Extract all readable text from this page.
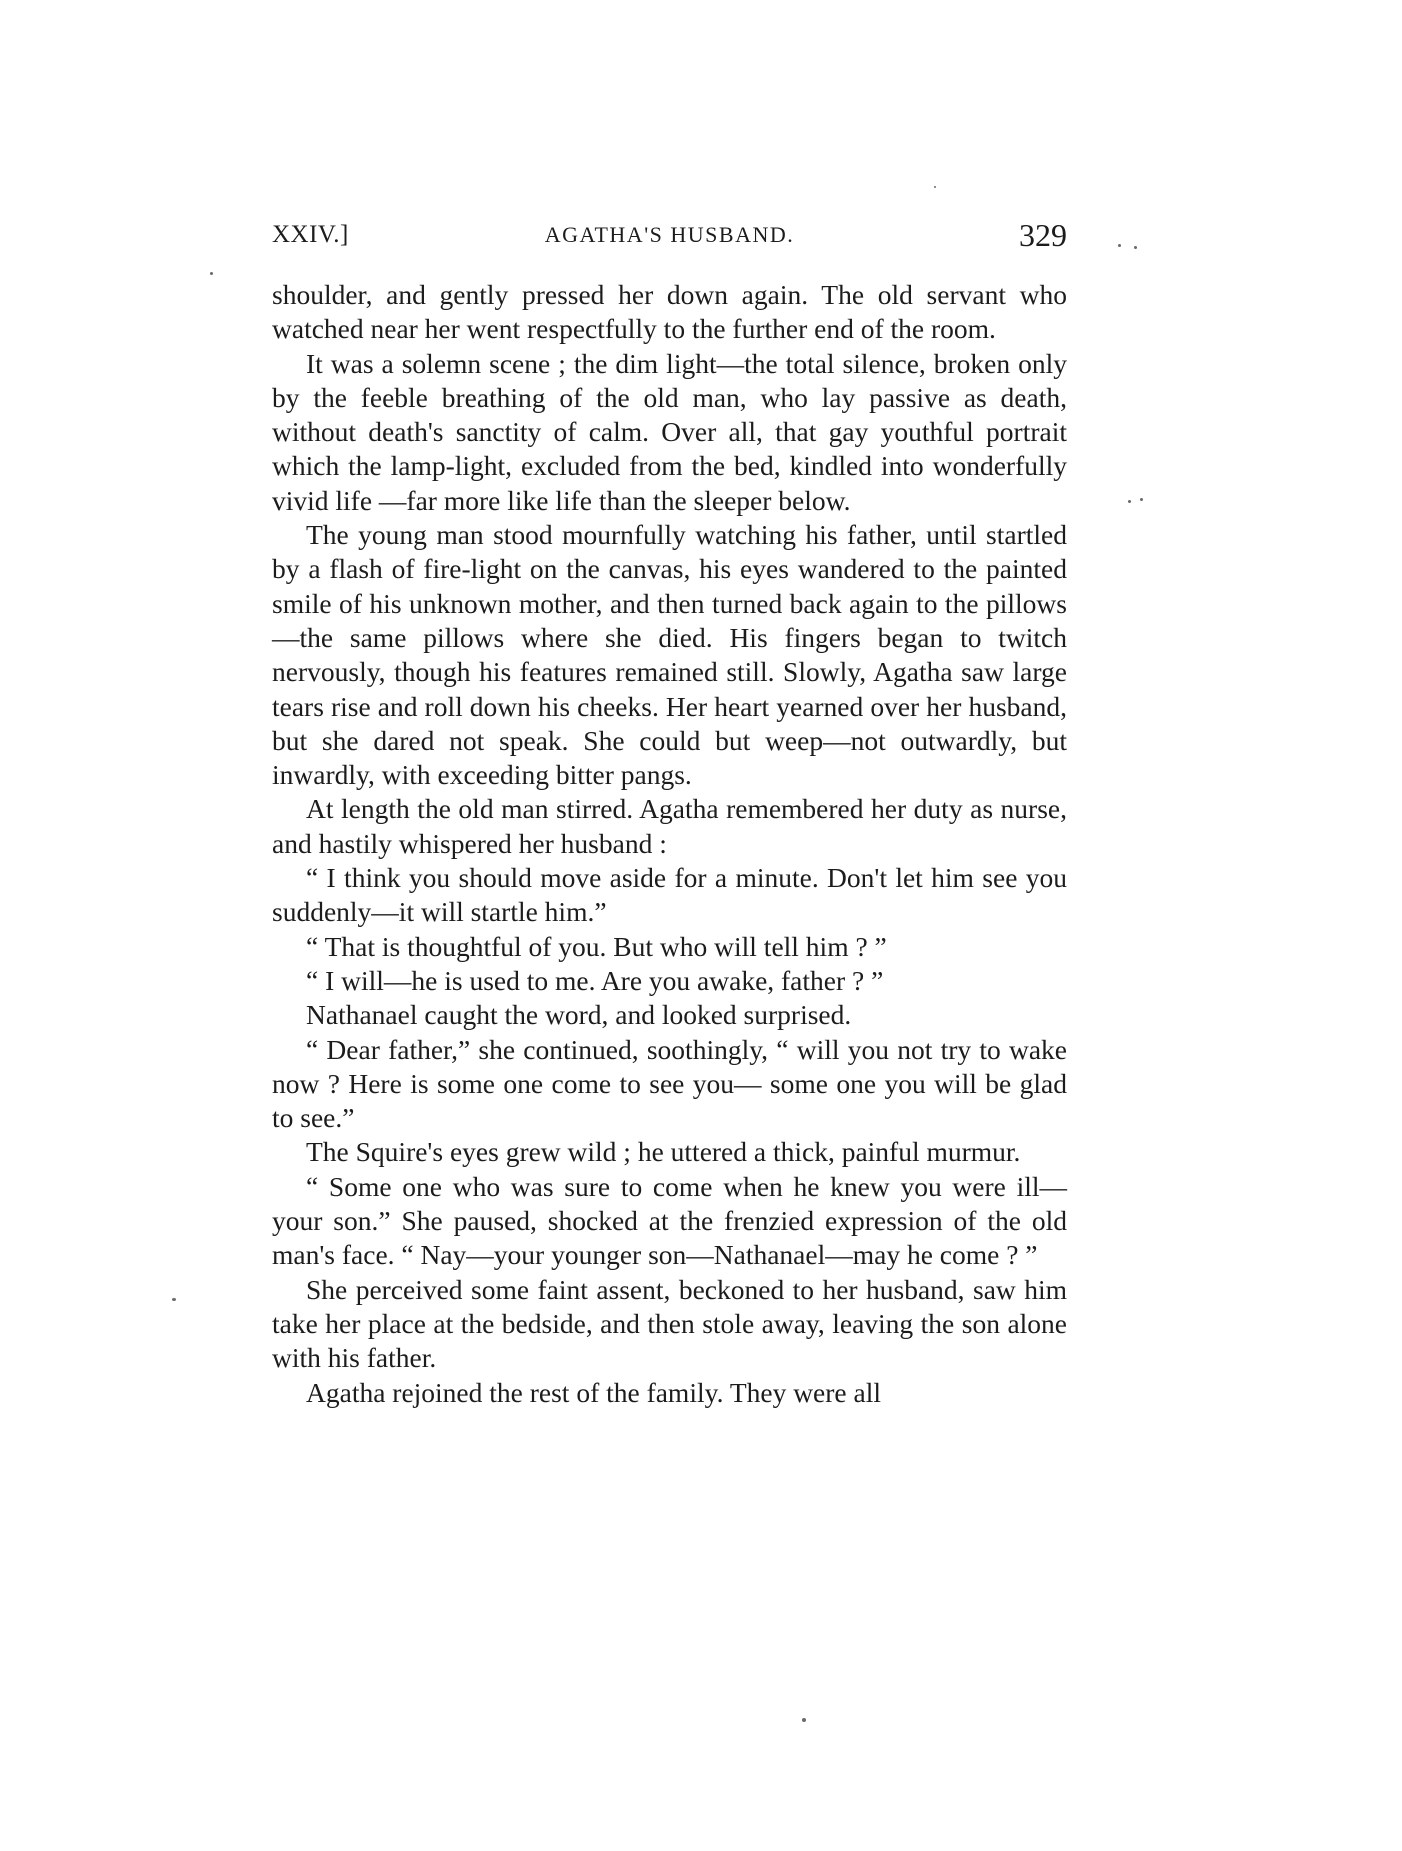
XXIV.]	AGATHA'S HUSBAND.	329

shoulder, and gently pressed her down again. The old servant who watched near her went respectfully to the further end of the room.

It was a solemn scene ; the dim light—the total silence, broken only by the feeble breathing of the old man, who lay passive as death, without death's sanctity of calm. Over all, that gay youthful portrait which the lamp-light, excluded from the bed, kindled into wonderfully vivid life —far more like life than the sleeper below.

The young man stood mournfully watching his father, until startled by a flash of fire-light on the canvas, his eyes wandered to the painted smile of his unknown mother, and then turned back again to the pillows—the same pillows where she died. His fingers began to twitch nervously, though his features remained still. Slowly, Agatha saw large tears rise and roll down his cheeks. Her heart yearned over her husband, but she dared not speak. She could but weep—not outwardly, but inwardly, with exceeding bitter pangs.

At length the old man stirred. Agatha remembered her duty as nurse, and hastily whispered her husband :

“ I think you should move aside for a minute. Don't let him see you suddenly—it will startle him.”

“ That is thoughtful of you. But who will tell him ? ”

“ I will—he is used to me. Are you awake, father ? ”

Nathanael caught the word, and looked surprised.

“ Dear father,” she continued, soothingly, “ will you not try to wake now ? Here is some one come to see you— some one you will be glad to see.”

The Squire's eyes grew wild ; he uttered a thick, painful murmur.

“ Some one who was sure to come when he knew you were ill—your son.” She paused, shocked at the frenzied expression of the old man's face. “ Nay—your younger son—Nathanael—may he come ? ”

She perceived some faint assent, beckoned to her husband, saw him take her place at the bedside, and then stole away, leaving the son alone with his father.

Agatha rejoined the rest of the family. They were all
